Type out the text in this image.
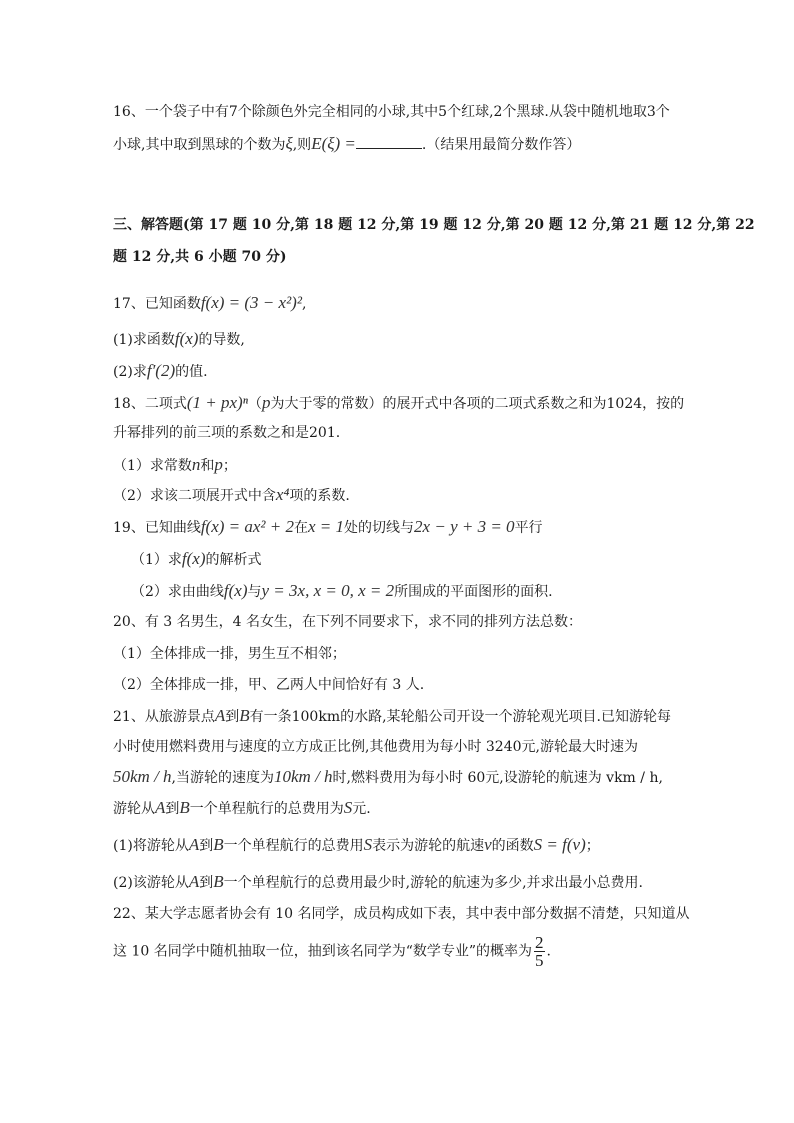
16、一个袋子中有7个除颜色外完全相同的小球,其中5个红球,2个黑球.从袋中随机地取3个
小球,其中取到黑球的个数为ξ,则E(ξ) =	.（结果用最简分数作答）
三、解答题(第 17 题 10 分,第 18 题 12 分,第 19 题 12 分,第 20 题 12 分,第 21 题 12 分,第 22
题 12 分,共 6 小题 70 分)
17、已知函数f(x) = (3 − x²)²,
(1)求函数f(x)的导数,
(2)求f′(2)的值.
18、二项式(1 + px)ⁿ（p为大于零的常数）的展开式中各项的二项式系数之和为1024，按的
升幂排列的前三项的系数之和是201.
（1）求常数n和p；
（2）求该二项展开式中含x⁴项的系数.
19、已知曲线f(x) = ax² + 2在x = 1处的切线与2x − y + 3 = 0平行
（1）求f(x)的解析式
（2）求由曲线f(x)与y = 3x, x = 0, x = 2所围成的平面图形的面积.
20、有 3 名男生，4 名女生，在下列不同要求下，求不同的排列方法总数：
（1）全体排成一排，男生互不相邻；
（2）全体排成一排，甲、乙两人中间恰好有 3 人.
21、从旅游景点A到B有一条100km的水路,某轮船公司开设一个游轮观光项目.已知游轮每
小时使用燃料费用与速度的立方成正比例,其他费用为每小时 3240元,游轮最大时速为
50km / h,当游轮的速度为10km / h时,燃料费用为每小时 60元,设游轮的航速为 vkm / h,
游轮从A到B一个单程航行的总费用为S元.
(1)将游轮从A到B一个单程航行的总费用S表示为游轮的航速v的函数S = f(v)；
(2)该游轮从A到B一个单程航行的总费用最少时,游轮的航速为多少,并求出最小总费用.
22、某大学志愿者协会有 10 名同学，成员构成如下表，其中表中部分数据不清楚，只知道从
这 10 名同学中随机抽取一位，抽到该名同学为“数学专业”的概率为 $\frac{2}{5}$ .
